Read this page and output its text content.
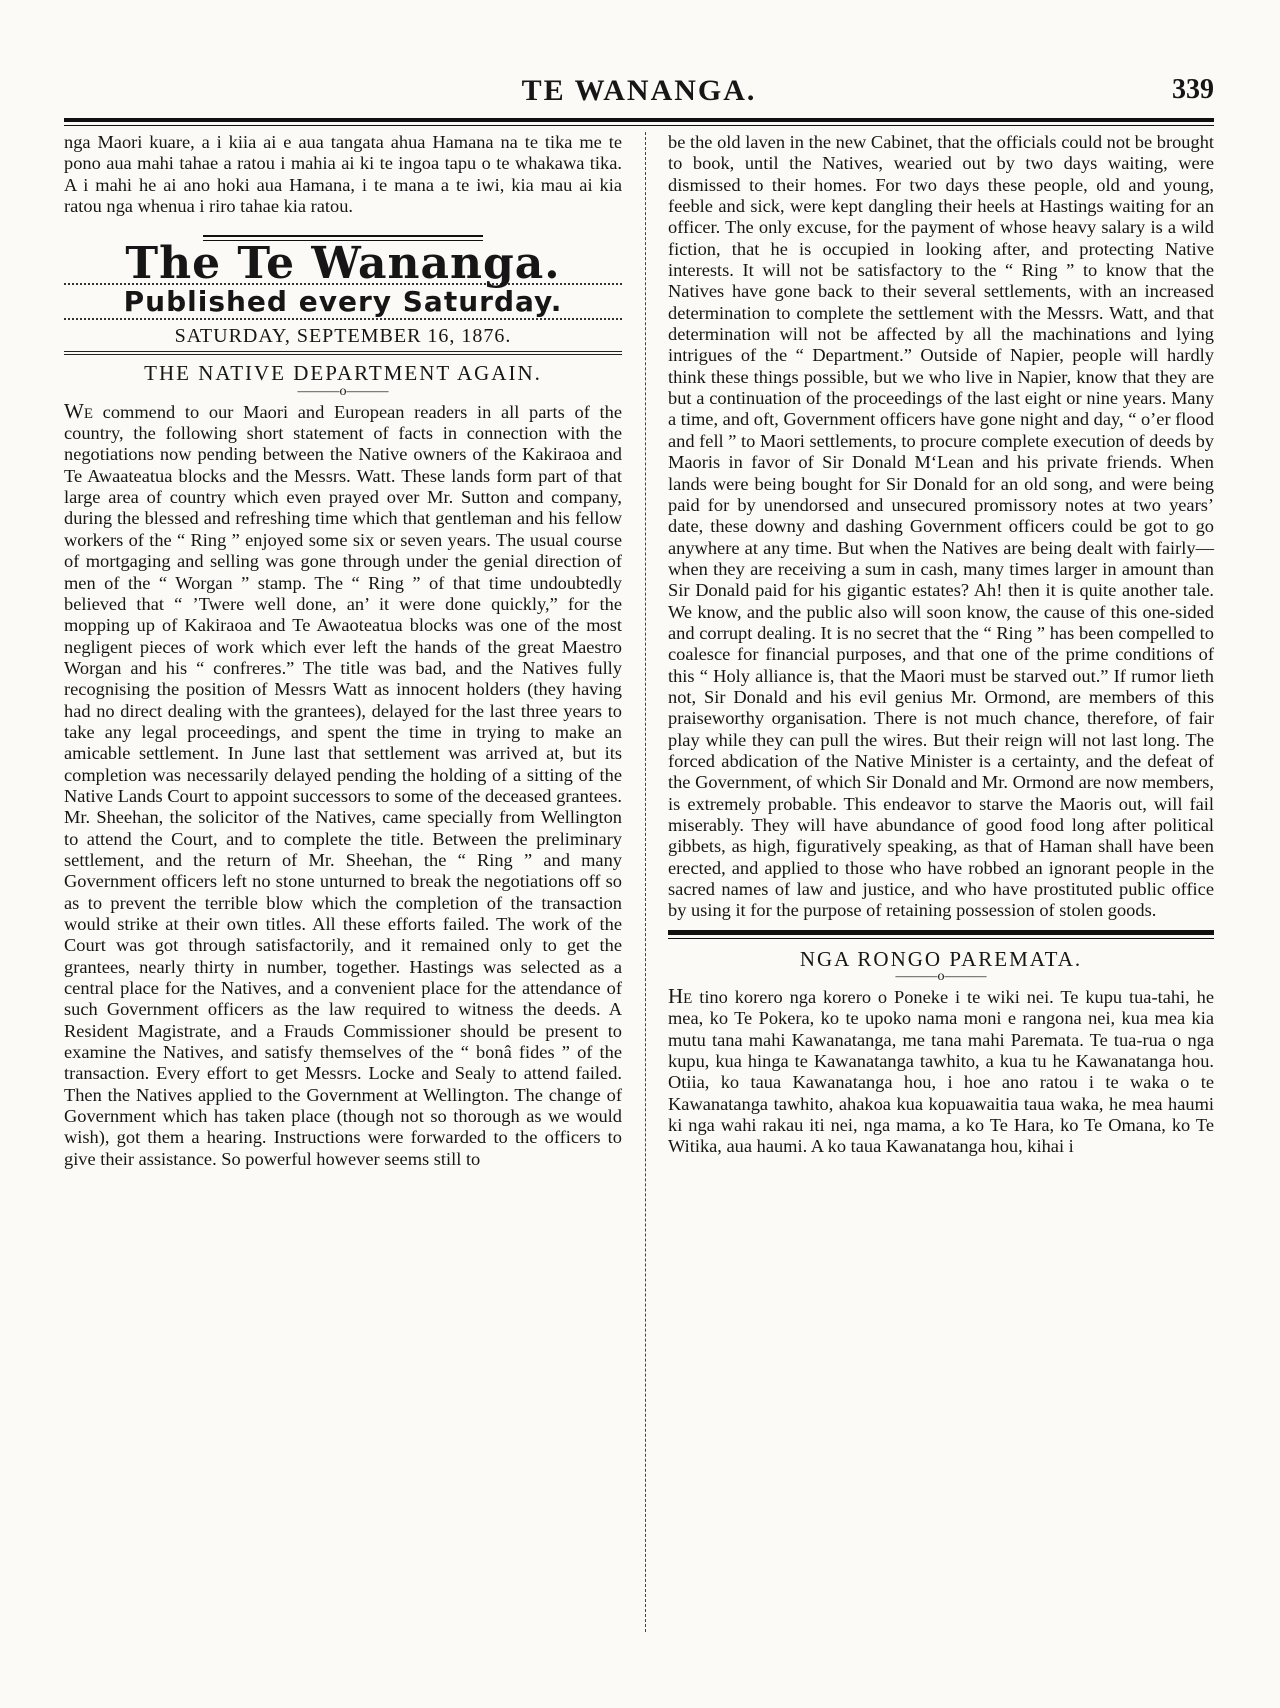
TE WANANGA.	339

nga Maori kuare, a i kiia ai e aua tangata ahua Hamana na te tika me te pono aua mahi tahae a ratou i mahia ai ki te ingoa tapu o te whakawa tika. A i mahi he ai ano hoki aua Hamana, i te mana a te iwi, kia mau ai kia ratou nga whenua i riro tahae kia ratou.

The Te Wananga.
Published every Saturday.
SATURDAY, SEPTEMBER 16, 1876.
THE NATIVE DEPARTMENT AGAIN.
———o———

We commend to our Maori and European readers in all parts of the country, the following short statement of facts in connection with the negotiations now pending between the Native owners of the Kakiraoa and Te Awaateatua blocks and the Messrs. Watt. These lands form part of that large area of country which even prayed over Mr. Sutton and company, during the blessed and refreshing time which that gentleman and his fellow workers of the “ Ring ” enjoyed some six or seven years. The usual course of mortgaging and selling was gone through under the genial direction of men of the “ Worgan ” stamp. The “ Ring ” of that time undoubtedly believed that “ ’Twere well done, an’ it were done quickly,” for the mopping up of Kakiraoa and Te Awaoteatua blocks was one of the most negligent pieces of work which ever left the hands of the great Maestro Worgan and his “ confreres.” The title was bad, and the Natives fully recognising the position of Messrs Watt as innocent holders (they having had no direct dealing with the grantees), delayed for the last three years to take any legal proceedings, and spent the time in trying to make an amicable settlement. In June last that settlement was arrived at, but its completion was necessarily delayed pending the holding of a sitting of the Native Lands Court to appoint successors to some of the deceased grantees. Mr. Sheehan, the solicitor of the Natives, came specially from Wellington to attend the Court, and to complete the title. Between the preliminary settlement, and the return of Mr. Sheehan, the “ Ring ” and many Government officers left no stone unturned to break the negotiations off so as to prevent the terrible blow which the completion of the transaction would strike at their own titles. All these efforts failed. The work of the Court was got through satisfactorily, and it remained only to get the grantees, nearly thirty in number, together. Hastings was selected as a central place for the Natives, and a convenient place for the attendance of such Government officers as the law required to witness the deeds. A Resident Magistrate, and a Frauds Commissioner should be present to examine the Natives, and satisfy themselves of the “ bonâ fides ” of the transaction. Every effort to get Messrs. Locke and Sealy to attend failed. Then the Natives applied to the Government at Wellington. The change of Government which has taken place (though not so thorough as we would wish), got them a hearing. Instructions were forwarded to the officers to give their assistance. So powerful however seems still to

be the old laven in the new Cabinet, that the officials could not be brought to book, until the Natives, wearied out by two days waiting, were dismissed to their homes. For two days these people, old and young, feeble and sick, were kept dangling their heels at Hastings waiting for an officer. The only excuse, for the payment of whose heavy salary is a wild fiction, that he is occupied in looking after, and protecting Native interests. It will not be satisfactory to the “ Ring ” to know that the Natives have gone back to their several settlements, with an increased determination to complete the settlement with the Messrs. Watt, and that determination will not be affected by all the machinations and lying intrigues of the “ Department.” Outside of Napier, people will hardly think these things possible, but we who live in Napier, know that they are but a continuation of the proceedings of the last eight or nine years. Many a time, and oft, Government officers have gone night and day, “ o’er flood and fell ” to Maori settlements, to procure complete execution of deeds by Maoris in favor of Sir Donald M‘Lean and his private friends. When lands were being bought for Sir Donald for an old song, and were being paid for by unendorsed and unsecured promissory notes at two years’ date, these downy and dashing Government officers could be got to go anywhere at any time. But when the Natives are being dealt with fairly—when they are receiving a sum in cash, many times larger in amount than Sir Donald paid for his gigantic estates? Ah! then it is quite another tale. We know, and the public also will soon know, the cause of this one-sided and corrupt dealing. It is no secret that the “ Ring ” has been compelled to coalesce for financial purposes, and that one of the prime conditions of this “ Holy alliance is, that the Maori must be starved out.” If rumor lieth not, Sir Donald and his evil genius Mr. Ormond, are members of this praiseworthy organisation. There is not much chance, therefore, of fair play while they can pull the wires. But their reign will not last long. The forced abdication of the Native Minister is a certainty, and the defeat of the Government, of which Sir Donald and Mr. Ormond are now members, is extremely probable. This endeavor to starve the Maoris out, will fail miserably. They will have abundance of good food long after political gibbets, as high, figuratively speaking, as that of Haman shall have been erected, and applied to those who have robbed an ignorant people in the sacred names of law and justice, and who have prostituted public office by using it for the purpose of retaining possession of stolen goods.

NGA RONGO PAREMATA.
———o———

He tino korero nga korero o Poneke i te wiki nei. Te kupu tua-tahi, he mea, ko Te Pokera, ko te upoko nama moni e rangona nei, kua mea kia mutu tana mahi Kawanatanga, me tana mahi Paremata. Te tua-rua o nga kupu, kua hinga te Kawanatanga tawhito, a kua tu he Kawanatanga hou. Otiia, ko taua Kawanatanga hou, i hoe ano ratou i te waka o te Kawanatanga tawhito, ahakoa kua kopuawaitia taua waka, he mea haumi ki nga wahi rakau iti nei, nga mama, a ko Te Hara, ko Te Omana, ko Te Witika, aua haumi. A ko taua Kawanatanga hou, kihai i
